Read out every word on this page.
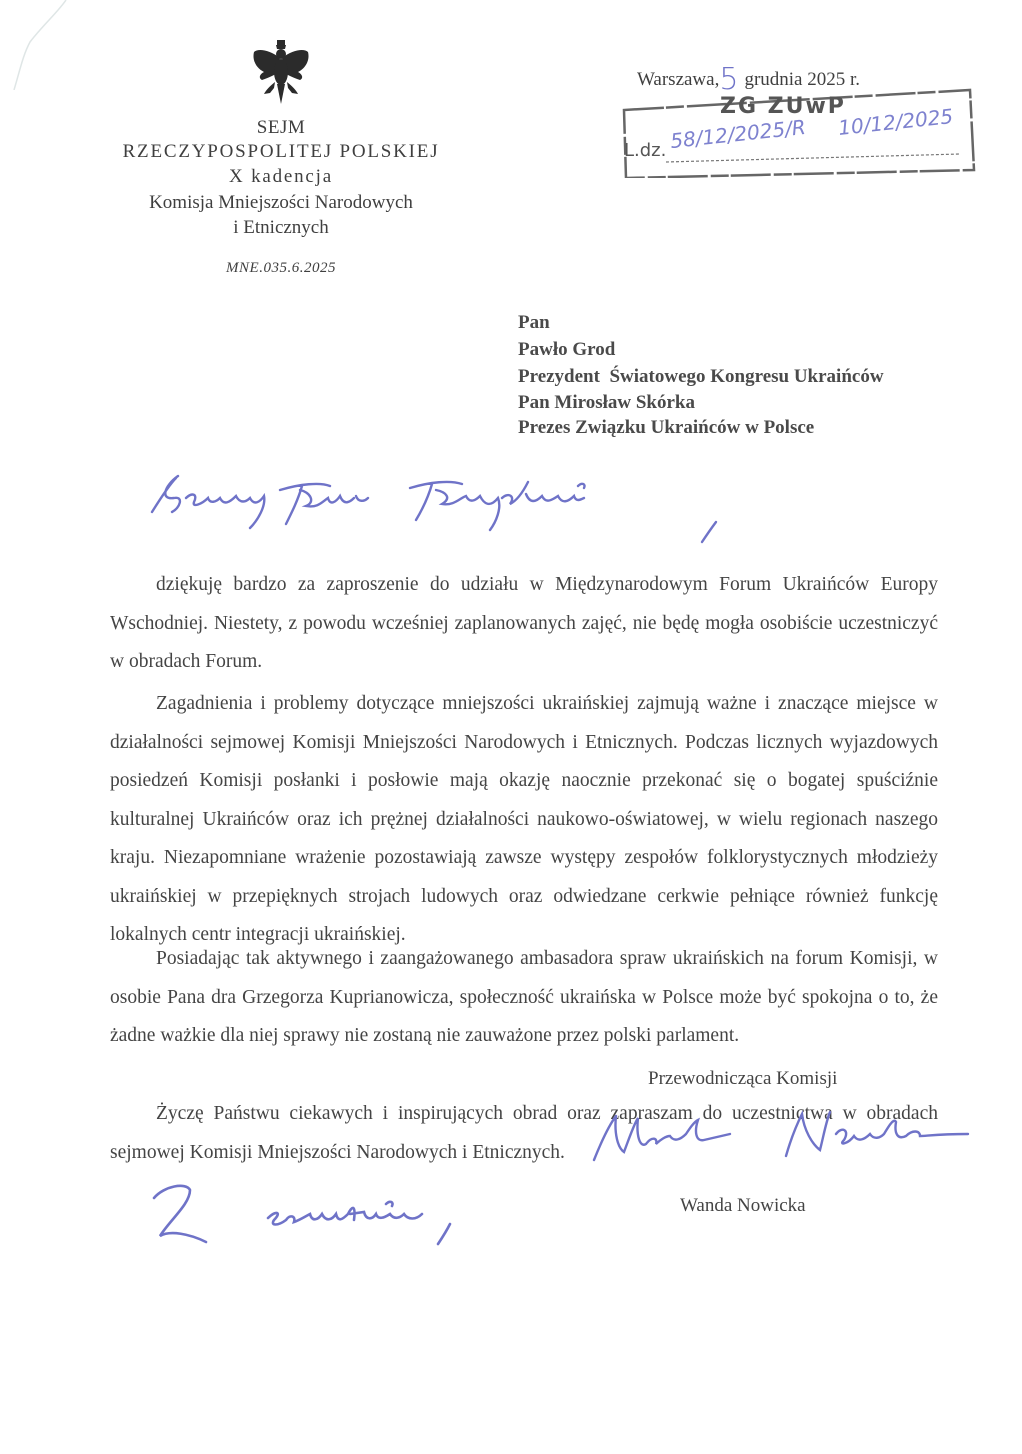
SEJM
RZECZYPOSPOLITEJ POLSKIEJ
X kadencja
Komisja Mniejszości Narodowych
i Etnicznych
MNE.035.6.2025
Warszawa,5 grudnia 2025 r.
ZG ZUwP
L.dz. 58/12/2025/R 10/12/2025
Pan
Pawło Grod
Prezydent  Światowego Kongresu Ukraińców
Pan Mirosław Skórka
Prezes Związku Ukraińców w Polsce
dziękuję bardzo za zaproszenie do udziału w Międzynarodowym Forum Ukraińców Europy Wschodniej. Niestety, z powodu wcześniej zaplanowanych zajęć, nie będę mogła osobiście uczestniczyć w obradach Forum.
Zagadnienia i problemy dotyczące mniejszości ukraińskiej zajmują ważne i znaczące miejsce w działalności sejmowej Komisji Mniejszości Narodowych i Etnicznych. Podczas licznych wyjazdowych posiedzeń Komisji posłanki i posłowie mają okazję naocznie przekonać się o bogatej spuściźnie kulturalnej Ukraińców oraz ich prężnej działalności naukowo-oświatowej, w wielu regionach naszego kraju. Niezapomniane wrażenie pozostawiają zawsze występy zespołów folklorystycznych młodzieży ukraińskiej w przepięknych strojach ludowych oraz odwiedzane cerkwie pełniące również funkcję lokalnych centr integracji ukraińskiej.
Posiadając tak aktywnego i zaangażowanego ambasadora spraw ukraińskich na forum Komisji, w osobie Pana dra Grzegorza Kuprianowicza, społeczność ukraińska w Polsce może być spokojna o to, że żadne ważkie dla niej sprawy nie zostaną nie zauważone przez polski parlament.
Życzę Państwu ciekawych i inspirujących obrad oraz zapraszam do uczestnictwa w obradach sejmowej Komisji Mniejszości Narodowych i Etnicznych.
Przewodnicząca Komisji
Wanda Nowicka
